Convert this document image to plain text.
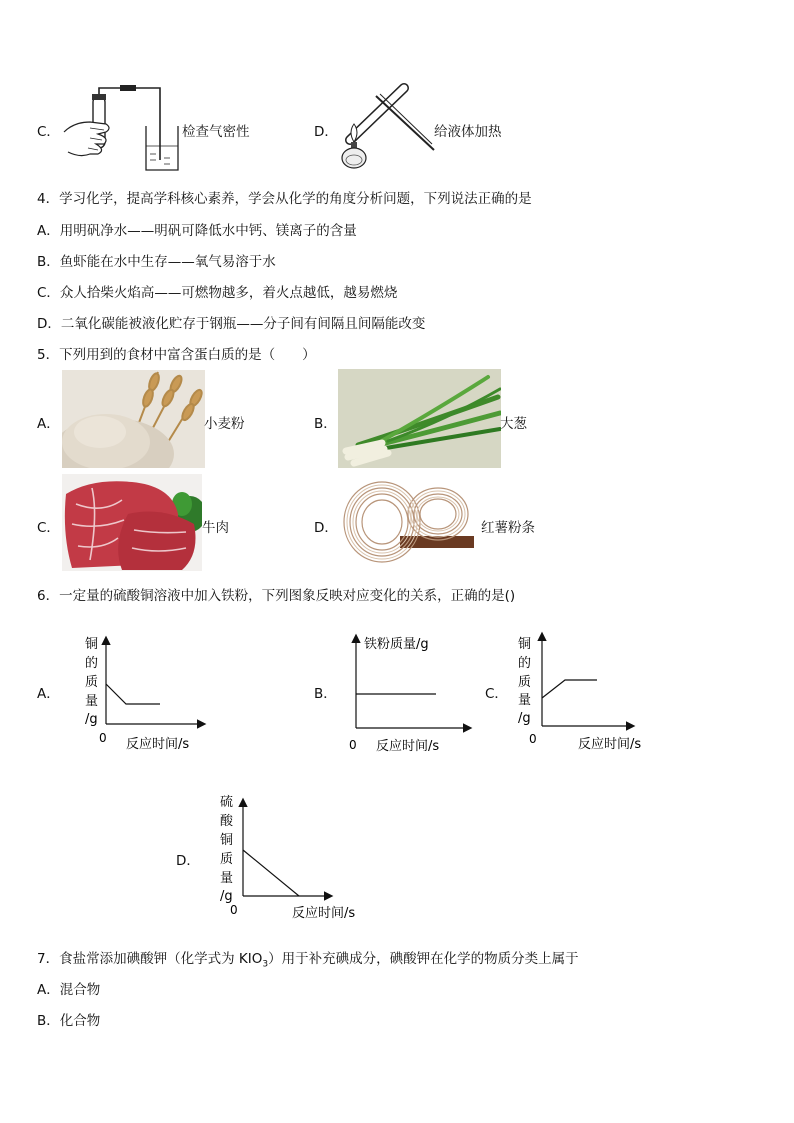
C．	检查气密性	D．	给液体加热
4．学习化学，提高学科核心素养，学会从化学的角度分析问题，下列说法正确的是
A．用明矾净水——明矾可降低水中钙、镁离子的含量
B．鱼虾能在水中生存——氧气易溶于水
C．众人拾柴火焰高——可燃物越多，着火点越低，越易燃烧
D．二氧化碳能被液化贮存于钢瓶——分子间有间隔且间隔能改变
5．下列用到的食材中富含蛋白质的是（　　）
A．	小麦粉	B．	大葱
C．	牛肉	D．	红薯粉条
6．一定量的硫酸铜溶液中加入铁粉，下列图象反映对应变化的关系，正确的是()
A．
铜
的
质
量
/g
0 反应时间/s
B．
铁粉质量/g
0 反应时间/s
C．
铜
的
质
量
/g
0	反应时间/s
D．
硫
酸
铜
质
量
/g
0	反应时间/s
7．食盐常添加碘酸钾（化学式为 $KIO_3$）用于补充碘成分，碘酸钾在化学的物质分类上属于
A．混合物
B．化合物
